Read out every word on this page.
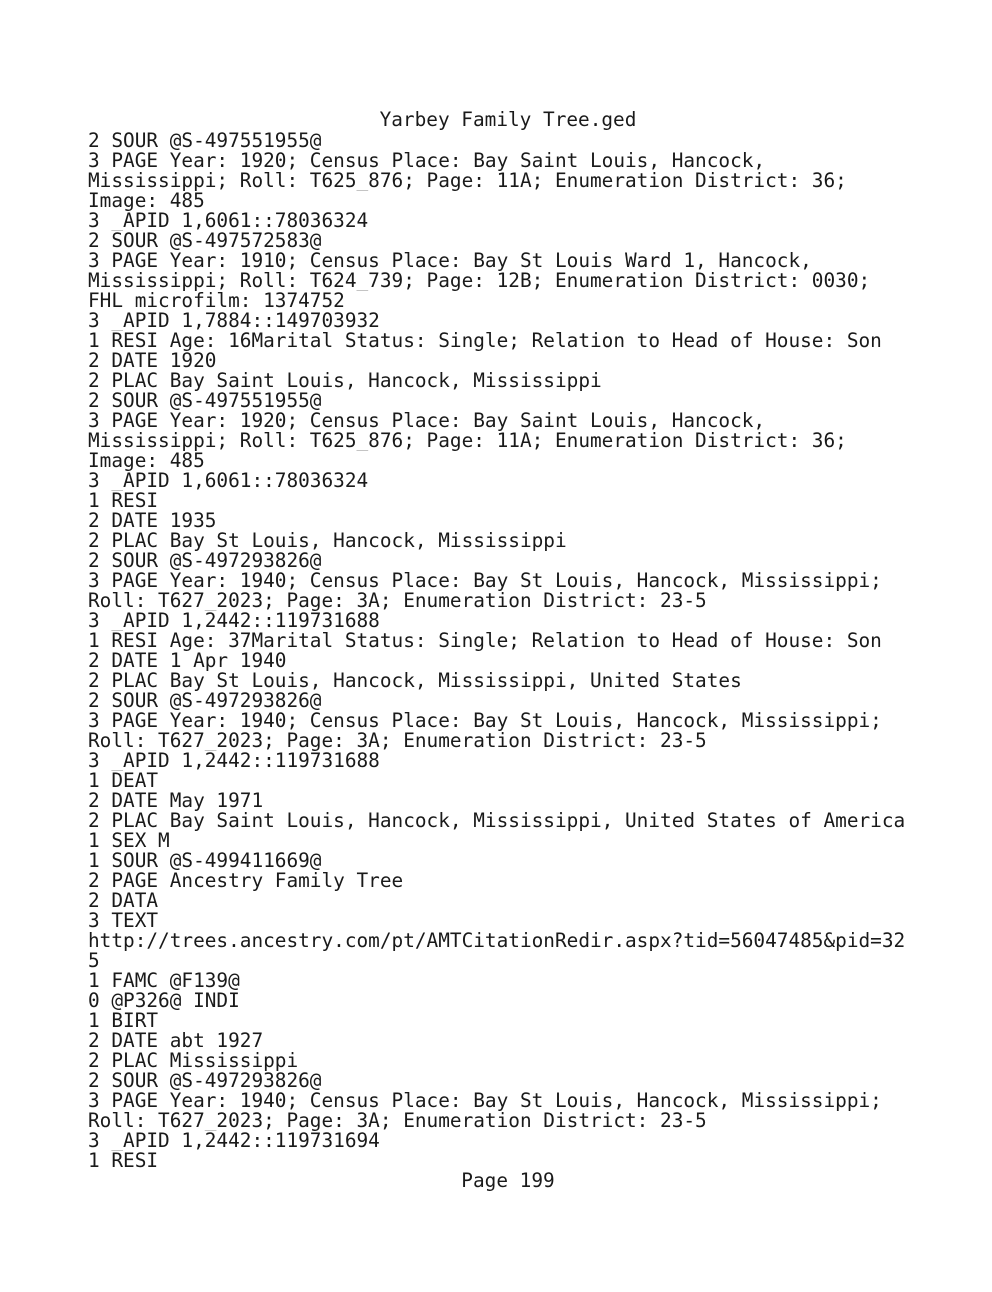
Yarbey Family Tree.ged
2 SOUR @S-497551955@
3 PAGE Year: 1920; Census Place: Bay Saint Louis, Hancock,
Mississippi; Roll: T625_876; Page: 11A; Enumeration District: 36;
Image: 485
3 _APID 1,6061::78036324
2 SOUR @S-497572583@
3 PAGE Year: 1910; Census Place: Bay St Louis Ward 1, Hancock,
Mississippi; Roll: T624_739; Page: 12B; Enumeration District: 0030;
FHL microfilm: 1374752
3 _APID 1,7884::149703932
1 RESI Age: 16Marital Status: Single; Relation to Head of House: Son
2 DATE 1920
2 PLAC Bay Saint Louis, Hancock, Mississippi
2 SOUR @S-497551955@
3 PAGE Year: 1920; Census Place: Bay Saint Louis, Hancock,
Mississippi; Roll: T625_876; Page: 11A; Enumeration District: 36;
Image: 485
3 _APID 1,6061::78036324
1 RESI
2 DATE 1935
2 PLAC Bay St Louis, Hancock, Mississippi
2 SOUR @S-497293826@
3 PAGE Year: 1940; Census Place: Bay St Louis, Hancock, Mississippi;
Roll: T627_2023; Page: 3A; Enumeration District: 23-5
3 _APID 1,2442::119731688
1 RESI Age: 37Marital Status: Single; Relation to Head of House: Son
2 DATE 1 Apr 1940
2 PLAC Bay St Louis, Hancock, Mississippi, United States
2 SOUR @S-497293826@
3 PAGE Year: 1940; Census Place: Bay St Louis, Hancock, Mississippi;
Roll: T627_2023; Page: 3A; Enumeration District: 23-5
3 _APID 1,2442::119731688
1 DEAT
2 DATE May 1971
2 PLAC Bay Saint Louis, Hancock, Mississippi, United States of America
1 SEX M
1 SOUR @S-499411669@
2 PAGE Ancestry Family Tree
2 DATA
3 TEXT
http://trees.ancestry.com/pt/AMTCitationRedir.aspx?tid=56047485&pid=32
5
1 FAMC @F139@
0 @P326@ INDI
1 BIRT
2 DATE abt 1927
2 PLAC Mississippi
2 SOUR @S-497293826@
3 PAGE Year: 1940; Census Place: Bay St Louis, Hancock, Mississippi;
Roll: T627_2023; Page: 3A; Enumeration District: 23-5
3 _APID 1,2442::119731694
1 RESI
Page 199
